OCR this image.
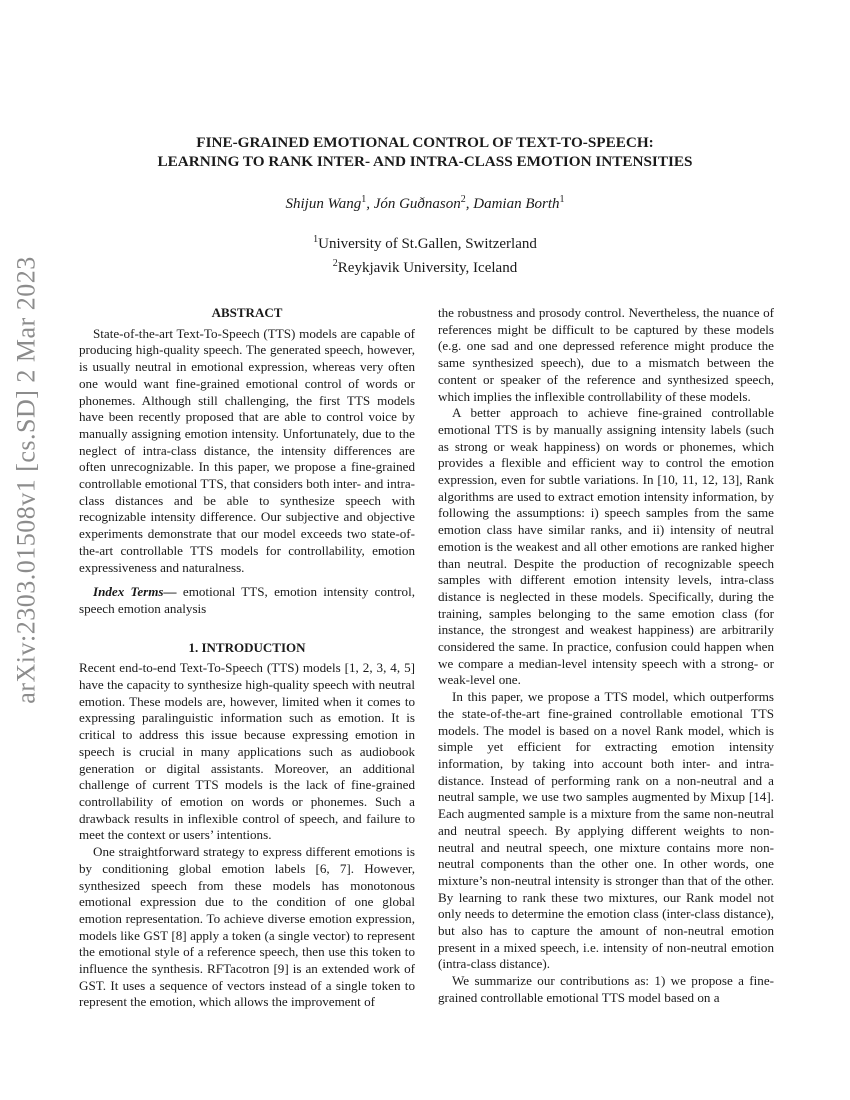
arXiv:2303.01508v1 [cs.SD] 2 Mar 2023
FINE-GRAINED EMOTIONAL CONTROL OF TEXT-TO-SPEECH:
LEARNING TO RANK INTER- AND INTRA-CLASS EMOTION INTENSITIES
Shijun Wang$^1$, Jón Guðnason$^2$, Damian Borth$^1$
$^1$University of St.Gallen, Switzerland
$^2$Reykjavik University, Iceland
ABSTRACT

State-of-the-art Text-To-Speech (TTS) models are capable of producing high-quality speech. The generated speech, however, is usually neutral in emotional expression, whereas very often one would want fine-grained emotional control of words or phonemes. Although still challenging, the first TTS models have been recently proposed that are able to control voice by manually assigning emotion intensity. Unfortunately, due to the neglect of intra-class distance, the intensity differences are often unrecognizable. In this paper, we propose a fine-grained controllable emotional TTS, that considers both inter- and intra-class distances and be able to synthesize speech with recognizable intensity difference. Our subjective and objective experiments demonstrate that our model exceeds two state-of-the-art controllable TTS models for controllability, emotion expressiveness and naturalness.

Index Terms— emotional TTS, emotion intensity control, speech emotion analysis

1. INTRODUCTION

Recent end-to-end Text-To-Speech (TTS) models [1, 2, 3, 4, 5] have the capacity to synthesize high-quality speech with neutral emotion. These models are, however, limited when it comes to expressing paralinguistic information such as emotion. It is critical to address this issue because expressing emotion in speech is crucial in many applications such as audiobook generation or digital assistants. Moreover, an additional challenge of current TTS models is the lack of fine-grained controllability of emotion on words or phonemes. Such a drawback results in inflexible control of speech, and failure to meet the context or users’ intentions.

One straightforward strategy to express different emotions is by conditioning global emotion labels [6, 7]. However, synthesized speech from these models has monotonous emotional expression due to the condition of one global emotion representation. To achieve diverse emotion expression, models like GST [8] apply a token (a single vector) to represent the emotional style of a reference speech, then use this token to influence the synthesis. RFTacotron [9] is an extended work of GST. It uses a sequence of vectors instead of a single token to represent the emotion, which allows the improvement of

the robustness and prosody control. Nevertheless, the nuance of references might be difficult to be captured by these models (e.g. one sad and one depressed reference might produce the same synthesized speech), due to a mismatch between the content or speaker of the reference and synthesized speech, which implies the inflexible controllability of these models.

A better approach to achieve fine-grained controllable emotional TTS is by manually assigning intensity labels (such as strong or weak happiness) on words or phonemes, which provides a flexible and efficient way to control the emotion expression, even for subtle variations. In [10, 11, 12, 13], Rank algorithms are used to extract emotion intensity information, by following the assumptions: i) speech samples from the same emotion class have similar ranks, and ii) intensity of neutral emotion is the weakest and all other emotions are ranked higher than neutral. Despite the production of recognizable speech samples with different emotion intensity levels, intra-class distance is neglected in these models. Specifically, during the training, samples belonging to the same emotion class (for instance, the strongest and weakest happiness) are arbitrarily considered the same. In practice, confusion could happen when we compare a median-level intensity speech with a strong- or weak-level one.

In this paper, we propose a TTS model, which outperforms the state-of-the-art fine-grained controllable emotional TTS models. The model is based on a novel Rank model, which is simple yet efficient for extracting emotion intensity information, by taking into account both inter- and intra-distance. Instead of performing rank on a non-neutral and a neutral sample, we use two samples augmented by Mixup [14]. Each augmented sample is a mixture from the same non-neutral and neutral speech. By applying different weights to non-neutral and neutral speech, one mixture contains more non-neutral components than the other one. In other words, one mixture’s non-neutral intensity is stronger than that of the other. By learning to rank these two mixtures, our Rank model not only needs to determine the emotion class (inter-class distance), but also has to capture the amount of non-neutral emotion present in a mixed speech, i.e. intensity of non-neutral emotion (intra-class distance).

We summarize our contributions as: 1) we propose a fine-grained controllable emotional TTS model based on a
